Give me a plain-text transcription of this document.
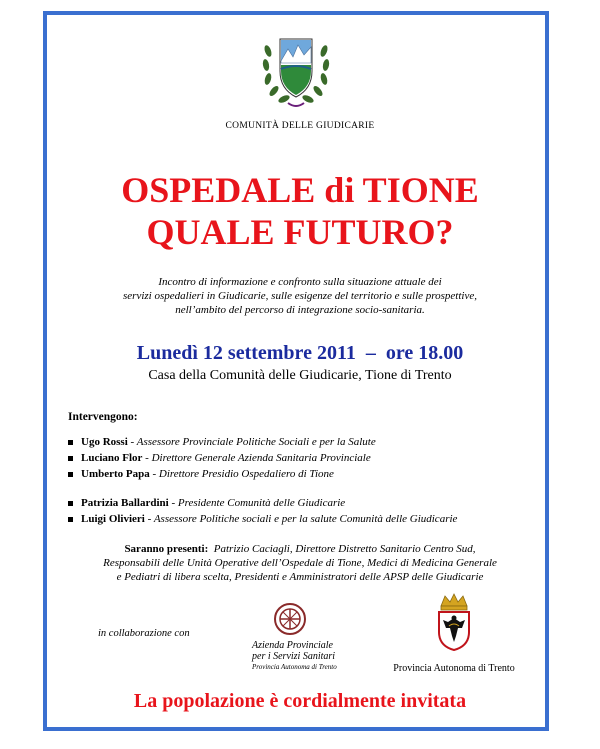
COMUNITÀ DELLE GIUDICARIE
OSPEDALE di TIONE
QUALE FUTURO?
Incontro di informazione e confronto sulla situazione attuale dei
servizi ospedalieri in Giudicarie, sulle esigenze del territorio e sulle prospettive,
nell’ambito del percorso di integrazione socio-sanitaria.
Lunedì 12 settembre 2011  –  ore 18.00
Casa della Comunità delle Giudicarie, Tione di Trento
Intervengono:
Ugo Rossi - Assessore Provinciale Politiche Sociali e per la Salute
Luciano Flor - Direttore Generale Azienda Sanitaria Provinciale
Umberto Papa - Direttore Presidio Ospedaliero di Tione
Patrizia Ballardini - Presidente Comunità delle Giudicarie
Luigi Olivieri - Assessore Politiche sociali e per la salute Comunità delle Giudicarie
Saranno presenti: Patrizio Caciagli, Direttore Distretto Sanitario Centro Sud,
Responsabili delle Unità Operative dell’Ospedale di Tione, Medici di Medicina Generale
e Pediatri di libera scelta, Presidenti e Amministratori delle APSP delle Giudicarie
in collaborazione con
Azienda Provinciale
per i Servizi Sanitari
Provincia Autonoma di Trento	Provincia Autonoma di Trento
La popolazione è cordialmente invitata
